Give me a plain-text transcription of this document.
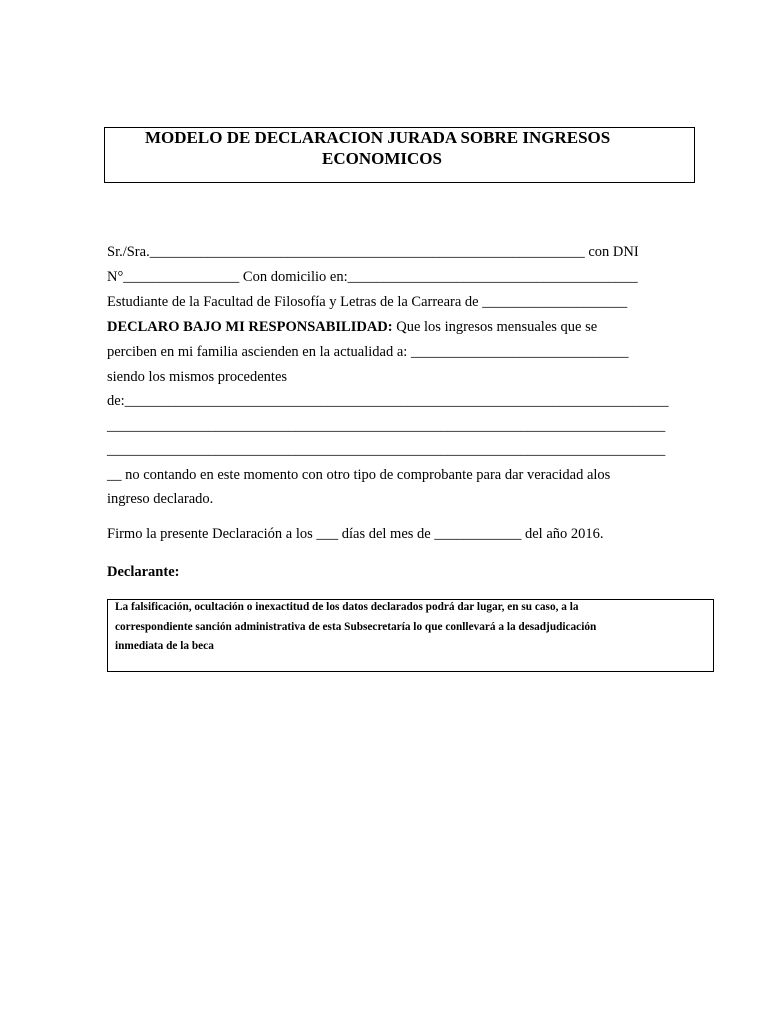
MODELO DE DECLARACION JURADA SOBRE INGRESOS
ECONOMICOS
Sr./Sra.____________________________________________________________ con DNI
N°________________ Con domicilio en:________________________________________
Estudiante de la Facultad de Filosofía y Letras de la Carreara de ____________________
DECLARO BAJO MI RESPONSABILIDAD: Que los ingresos mensuales que se
perciben en mi familia ascienden en la actualidad a: ______________________________
siendo los mismos procedentes
de:___________________________________________________________________________
_____________________________________________________________________________
_____________________________________________________________________________
__ no contando en este momento con otro tipo de comprobante para dar veracidad alos
ingreso declarado.
Firmo la presente Declaración a los ___ días del mes de ____________ del año 2016.
Declarante:
La falsificación, ocultación o inexactitud de los datos declarados podrá dar lugar, en su caso, a la
correspondiente sanción administrativa de esta Subsecretaría lo que conllevará a la desadjudicación
inmediata de la beca
